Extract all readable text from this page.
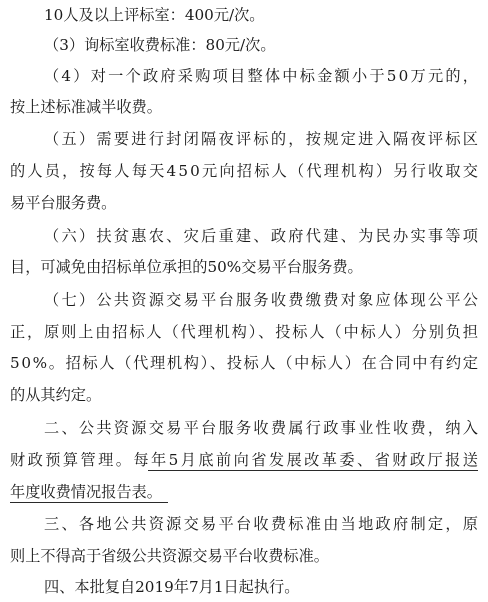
10人及以上评标室：400元/次。
（3）询标室收费标准：80元/次。
（4）对一个政府采购项目整体中标金额小于50万元的，
按上述标准减半收费。
（五）需要进行封闭隔夜评标的，按规定进入隔夜评标区
的人员，按每人每天450元向招标人（代理机构）另行收取交
易平台服务费。
（六）扶贫惠农、灾后重建、政府代建、为民办实事等项
目，可减免由招标单位承担的50%交易平台服务费。
（七）公共资源交易平台服务收费缴费对象应体现公平公
正，原则上由招标人（代理机构）、投标人（中标人）分别负担
50%。招标人（代理机构）、投标人（中标人）在合同中有约定
的从其约定。
二、公共资源交易平台服务收费属行政事业性收费，纳入
财政预算管理。每年5月底前向省发展改革委、省财政厅报送
年度收费情况报告表。
三、各地公共资源交易平台收费标准由当地政府制定，原
则上不得高于省级公共资源交易平台收费标准。
四、本批复自2019年7月1日起执行。
